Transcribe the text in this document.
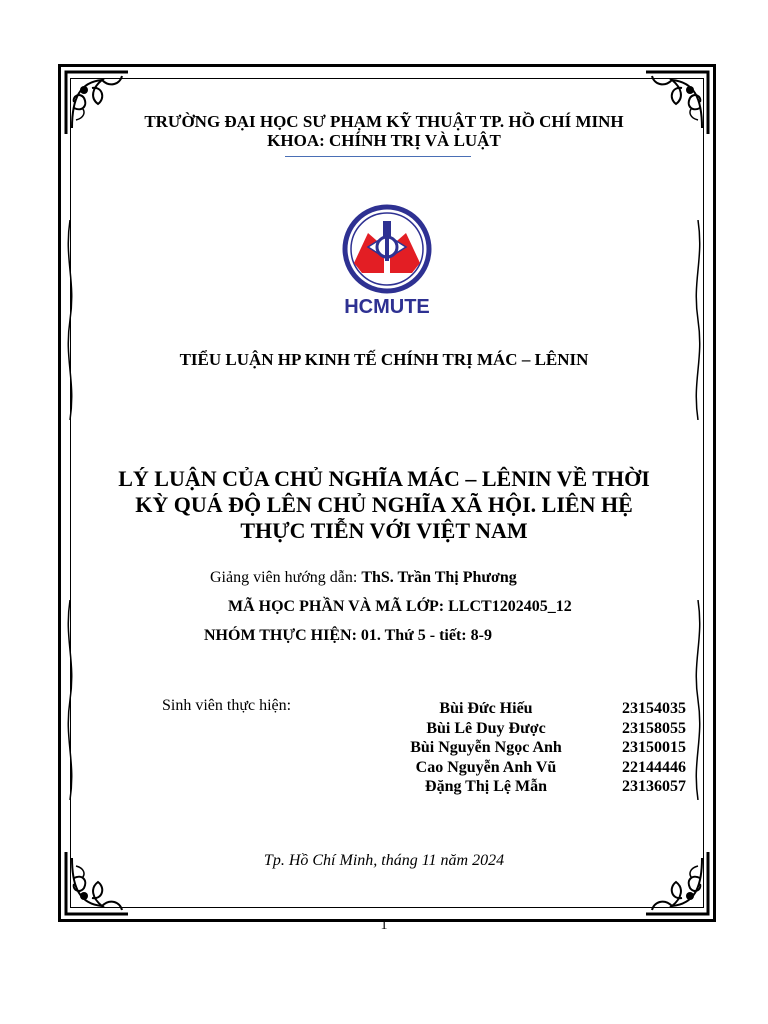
TRƯỜNG ĐẠI HỌC SƯ PHẠM KỸ THUẬT TP. HỒ CHÍ MINH
KHOA: CHÍNH TRỊ VÀ LUẬT
HCMUTE
TIỂU LUẬN HP KINH TẾ CHÍNH TRỊ MÁC – LÊNIN
LÝ LUẬN CỦA CHỦ NGHĨA MÁC – LÊNIN VỀ THỜI
KỲ QUÁ ĐỘ LÊN CHỦ NGHĨA XÃ HỘI. LIÊN HỆ
THỰC TIỄN VỚI VIỆT NAM
Giảng viên hướng dẫn: ThS. Trần Thị Phương
MÃ HỌC PHẦN VÀ MÃ LỚP: LLCT1202405_12
NHÓM THỰC HIỆN: 01. Thứ 5 - tiết: 8-9
Sinh viên thực hiện:	Bùi Đức Hiếu	23154035
Bùi Lê Duy Được	23158055
Bùi Nguyễn Ngọc Anh	23150015
Cao Nguyễn Anh Vũ	22144446
Đặng Thị Lệ Mẫn	23136057
Tp. Hồ Chí Minh, tháng 11 năm 2024
1
